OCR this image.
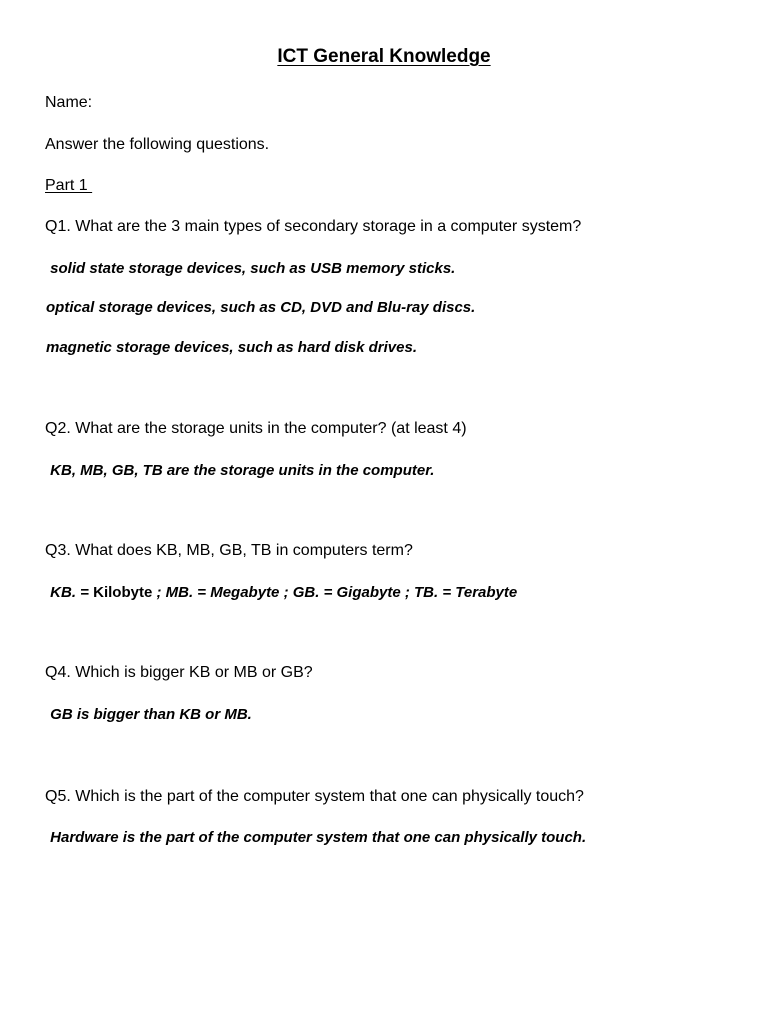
ICT General Knowledge
Name:
Answer the following questions.
Part 1
Q1. What are the 3 main types of secondary storage in a computer system?
solid state storage devices, such as USB memory sticks.
optical storage devices, such as CD, DVD and Blu-ray discs.
magnetic storage devices, such as hard disk drives.
Q2. What are the storage units in the computer? (at least 4)
KB, MB, GB, TB are the storage units in the computer.
Q3. What does KB, MB, GB, TB in computers term?
KB. = Kilobyte ; MB. = Megabyte ; GB. = Gigabyte ; TB. = Terabyte
Q4. Which is bigger KB or MB or GB?
GB is bigger than KB or MB.
Q5. Which is the part of the computer system that one can physically touch?
Hardware is the part of the computer system that one can physically touch.
